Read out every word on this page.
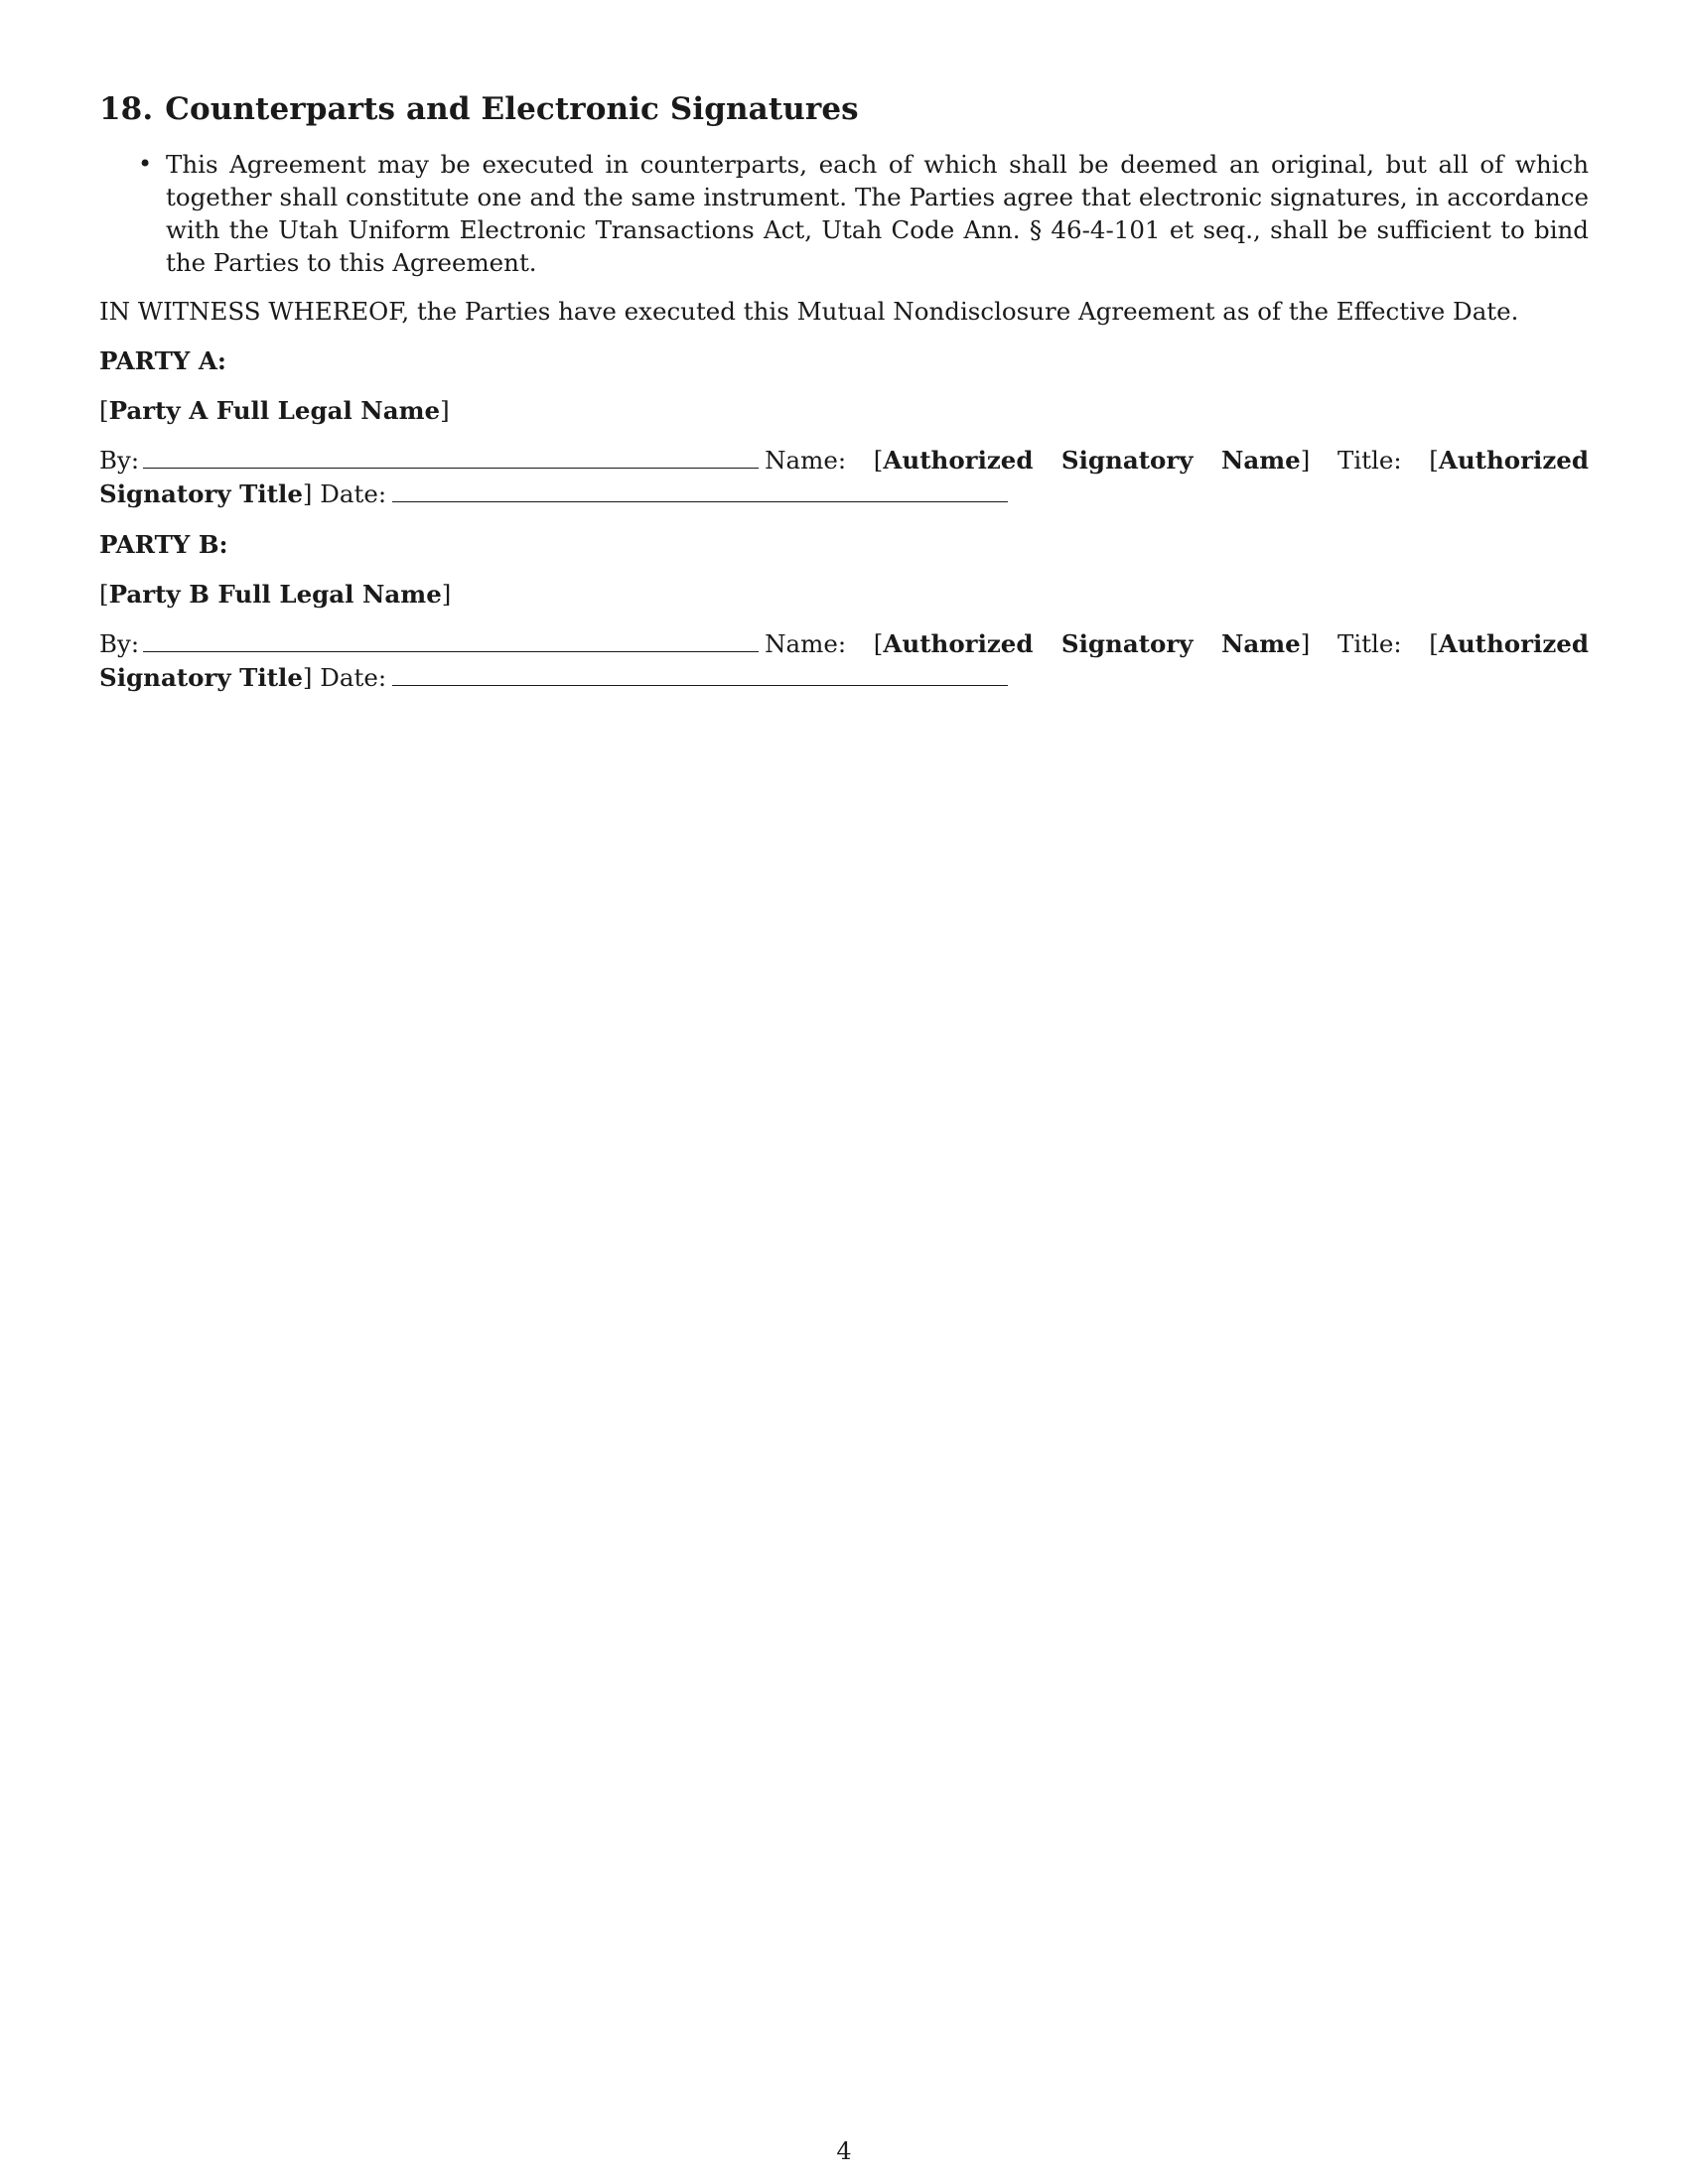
18. Counterparts and Electronic Signatures
• This Agreement may be executed in counterparts, each of which shall be deemed an original, but all of which together shall constitute one and the same instrument. The Parties agree that electronic signatures, in accordance with the Utah Uniform Electronic Transactions Act, Utah Code Ann. § 46-4-101 et seq., shall be sufficient to bind the Parties to this Agreement.

IN WITNESS WHEREOF, the Parties have executed this Mutual Nondisclosure Agreement as of the Effective Date.

PARTY A:
[Party A Full Legal Name]
By:	Name: [Authorized Signatory Name] Title: [Authorized Signatory Title] Date:
PARTY B:
[Party B Full Legal Name]
By:	Name: [Authorized Signatory Name] Title: [Authorized Signatory Title] Date:
4
